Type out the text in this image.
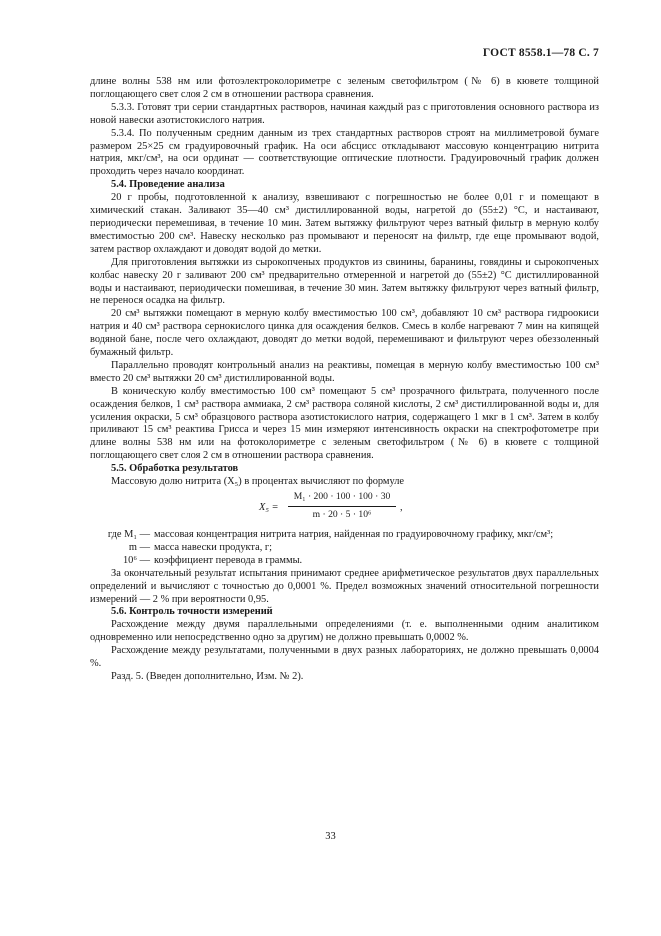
ГОСТ 8558.1—78 С. 7

длине волны 538 нм или фотоэлектроколориметре с зеленым светофильтром (№ 6) в кювете толщиной поглощающего свет слоя 2 см в отношении раствора сравнения.

5.3.3. Готовят три серии стандартных растворов, начиная каждый раз с приготовления основного раствора из новой навески азотистокислого натрия.

5.3.4. По полученным средним данным из трех стандартных растворов строят на миллиметровой бумаге размером 25×25 см градуировочный график. На оси абсцисс откладывают массовую концентрацию нитрита натрия, мкг/см³, на оси ординат — соответствующие оптические плотности. Градуировочный график должен проходить через начало координат.

5.4. Проведение анализа

20 г пробы, подготовленной к анализу, взвешивают с погрешностью не более 0,01 г и помещают в химический стакан. Заливают 35—40 см³ дистиллированной воды, нагретой до (55±2) °С, и настаивают, периодически перемешивая, в течение 10 мин. Затем вытяжку фильтруют через ватный фильтр в мерную колбу вместимостью 200 см³. Навеску несколько раз промывают и переносят на фильтр, где еще промывают водой, затем раствор охлаждают и доводят водой до метки.

Для приготовления вытяжки из сырокопченых продуктов из свинины, баранины, говядины и сырокопченых колбас навеску 20 г заливают 200 см³ предварительно отмеренной и нагретой до (55±2) °С дистиллированной воды и настаивают, периодически помешивая, в течение 30 мин. Затем вытяжку фильтруют через ватный фильтр, не перенося осадка на фильтр.

20 см³ вытяжки помещают в мерную колбу вместимостью 100 см³, добавляют 10 см³ раствора гидроокиси натрия и 40 см³ раствора сернокислого цинка для осаждения белков. Смесь в колбе нагревают 7 мин на кипящей водяной бане, после чего охлаждают, доводят до метки водой, перемешивают и фильтруют через обеззоленный бумажный фильтр.

Параллельно проводят контрольный анализ на реактивы, помещая в мерную колбу вместимостью 100 см³ вместо 20 см³ вытяжки 20 см³ дистиллированной воды.

В коническую колбу вместимостью 100 см³ помещают 5 см³ прозрачного фильтрата, полученного после осаждения белков, 1 см³ раствора аммиака, 2 см³ раствора соляной кислоты, 2 см³ дистиллированной воды и, для усиления окраски, 5 см³ образцового раствора азотистокислого натрия, содержащего 1 мкг в 1 см³. Затем в колбу приливают 15 см³ реактива Грисса и через 15 мин измеряют интенсивность окраски на спектрофотометре при длине волны 538 нм или на фотоколориметре с зеленым светофильтром (№ 6) в кювете с толщиной поглощающего свет слоя 2 см в отношении раствора сравнения.

5.5. Обработка результатов

Массовую долю нитрита (X₅) в процентах вычисляют по формуле

$X_5 = \frac{\text{M₁ · 200 · 100 · 100 · 30}}{\text{m · 20 · 5 · 10⁶}}$ ,
где M₁ — массовая концентрация нитрита натрия, найденная по градуировочному графику, мкг/см³;
m — масса навески продукта, г;
10⁶ — коэффициент перевода в граммы.

За окончательный результат испытания принимают среднее арифметическое результатов двух параллельных определений и вычисляют с точностью до 0,0001 %. Предел возможных значений относительной погрешности измерений — 2 % при вероятности 0,95.

5.6. Контроль точности измерений

Расхождение между двумя параллельными определениями (т. е. выполненными одним аналитиком одновременно или непосредственно одно за другим) не должно превышать 0,0002 %.

Расхождение между результатами, полученными в двух разных лабораториях, не должно превышать 0,0004 %.

Разд. 5. (Введен дополнительно, Изм. № 2).

33
